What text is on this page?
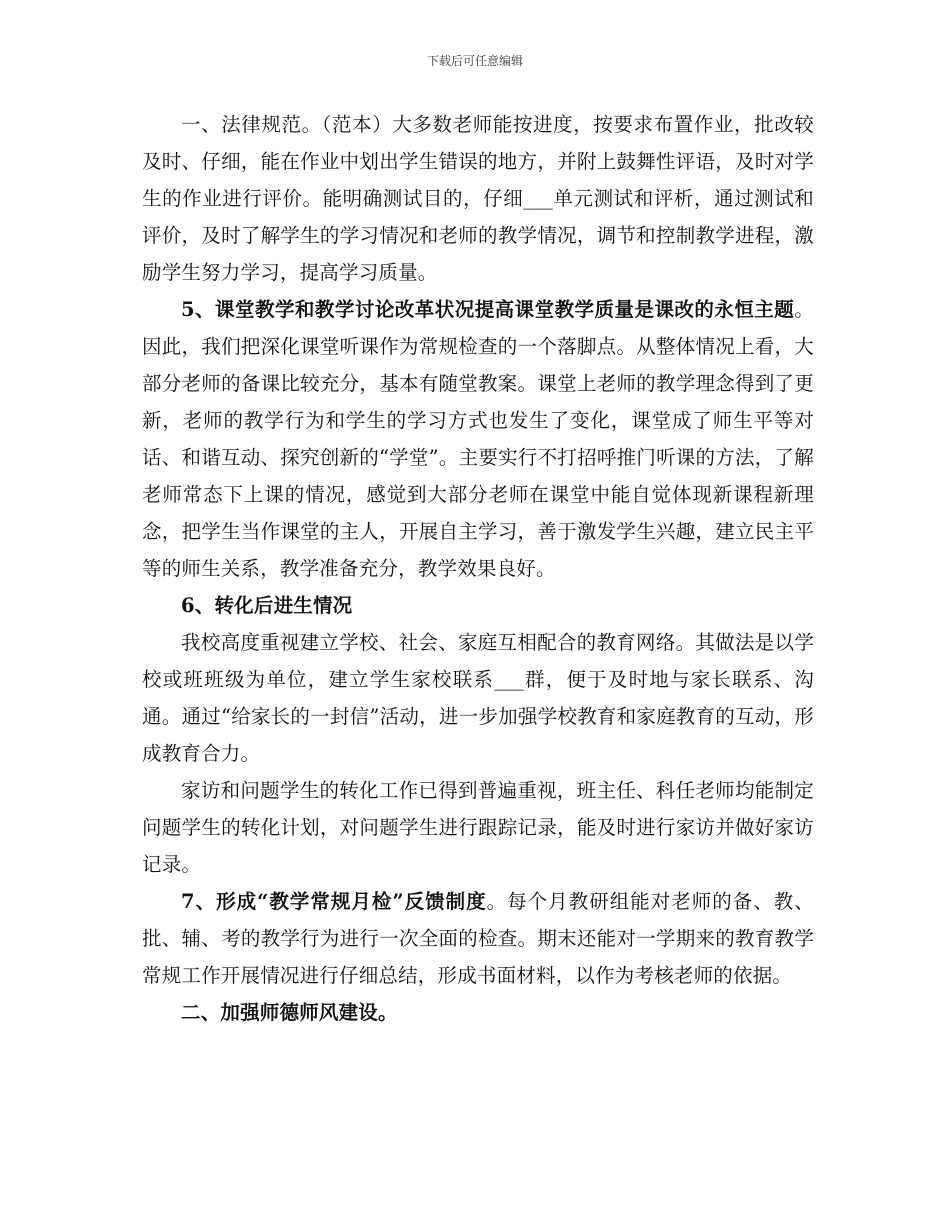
下载后可任意编辑

一、法律规范。（范本）大多数老师能按进度，按要求布置作业，批改较及时、仔细，能在作业中划出学生错误的地方，并附上鼓舞性评语，及时对学生的作业进行评价。能明确测试目的，仔细___单元测试和评析，通过测试和评价，及时了解学生的学习情况和老师的教学情况，调节和控制教学进程，激励学生努力学习，提高学习质量。

5、课堂教学和教学讨论改革状况提高课堂教学质量是课改的永恒主题。因此，我们把深化课堂听课作为常规检查的一个落脚点。从整体情况上看，大部分老师的备课比较充分，基本有随堂教案。课堂上老师的教学理念得到了更新，老师的教学行为和学生的学习方式也发生了变化，课堂成了师生平等对话、和谐互动、探究创新的“学堂”。主要实行不打招呼推门听课的方法，了解老师常态下上课的情况，感觉到大部分老师在课堂中能自觉体现新课程新理念，把学生当作课堂的主人，开展自主学习，善于激发学生兴趣，建立民主平等的师生关系，教学准备充分，教学效果良好。

6、转化后进生情况

我校高度重视建立学校、社会、家庭互相配合的教育网络。其做法是以学校或班班级为单位，建立学生家校联系___群，便于及时地与家长联系、沟通。通过“给家长的一封信”活动，进一步加强学校教育和家庭教育的互动，形成教育合力。

家访和问题学生的转化工作已得到普遍重视，班主任、科任老师均能制定问题学生的转化计划，对问题学生进行跟踪记录，能及时进行家访并做好家访记录。

7、形成“教学常规月检”反馈制度。每个月教研组能对老师的备、教、批、辅、考的教学行为进行一次全面的检查。期末还能对一学期来的教育教学常规工作开展情况进行仔细总结，形成书面材料，以作为考核老师的依据。

二、加强师德师风建设。
